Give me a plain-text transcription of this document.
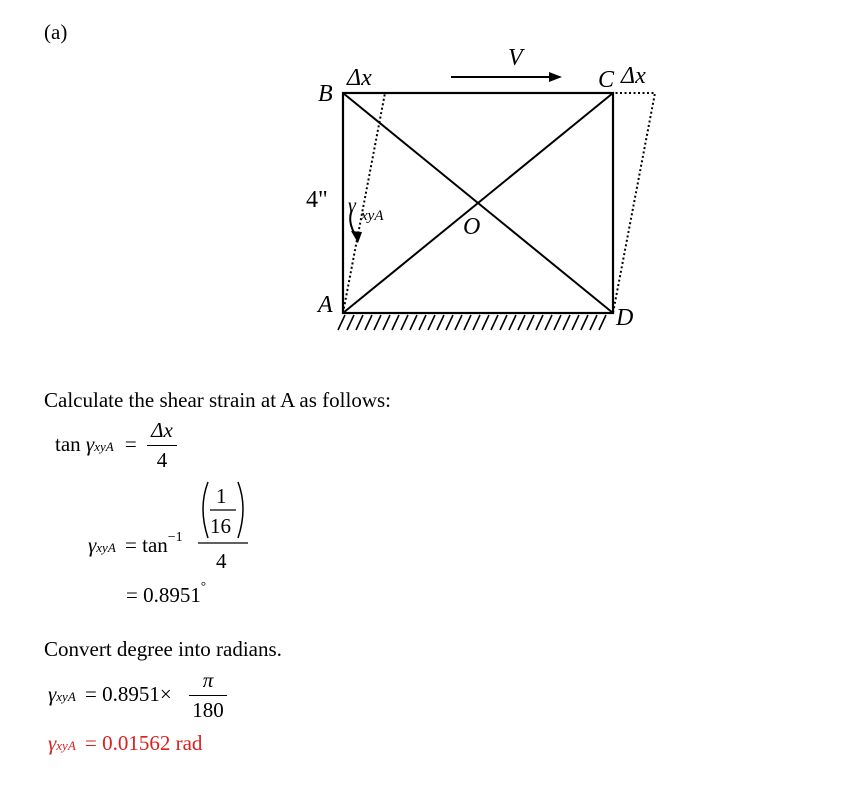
(a)
B
Δx
V
C Δx
4" γ xyA	O
A	D
Calculate the shear strain at A as follows:
tan γxyA =
Δx
4
$\gamma xyA = \tan^{-1}$
1
16
4
= 0.8951°
Convert degree into radians.
γxyA = 0.8951×
π
180
γxyA = 0.01562 rad
